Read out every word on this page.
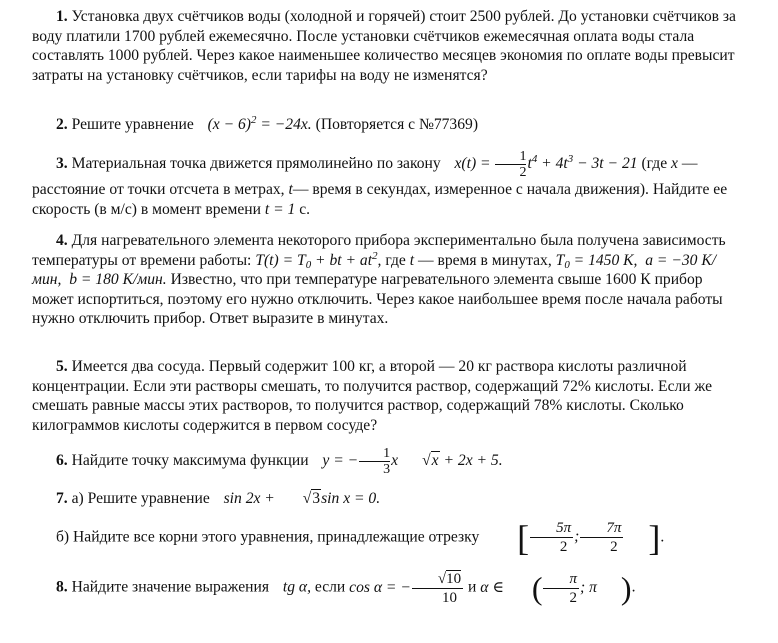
1. Установка двух счётчиков воды (холодной и горячей) стоит 2500 рублей. До установки счётчиков за воду платили 1700 рублей ежемесячно. После установки счётчиков ежемесячная оплата воды стала составлять 1000 рублей. Через какое наименьшее количество месяцев экономия по оплате воды превысит затраты на установку счётчиков, если тарифы на воду не изменятся?

2. Решите уравнение $(x - 6)^2 = -24x$. (Повторяется с №77369)

3. Материальная точка движется прямолинейно по закону $x(t) = \frac{1}{2} t^4 + 4t^3 - 3t - 21$ (где x — расстояние от точки отсчета в метрах, t— время в секундах, измеренное с начала движения). Найдите ее скорость (в м/с) в момент времени t = 1 с.

4. Для нагревательного элемента некоторого прибора экспериментально была получена зависимость температуры от времени работы: $T(t) = T_0$ + bt + $at^2$, где t — время в минутах, $T_0 = 1450$ К, a = −30 К/мин, b = 180 К/мин. Известно, что при температуре нагревательного элемента свыше 1600 К прибор может испортиться, поэтому его нужно отключить. Через какое наибольшее время после начала работы нужно отключить прибор. Ответ выразите в минутах.

5. Имеется два сосуда. Первый содержит 100 кг, а второй — 20 кг раствора кислоты различной концентрации. Если эти растворы смешать, то получится раствор, содержащий 72% кислоты. Если же смешать равные массы этих растворов, то получится раствор, содержащий 78% кислоты. Сколько килограммов кислоты содержится в первом сосуде?

6. Найдите точку максимума функции y = − $\frac{1}{3}$ x √x + 2x + 5.

7. а) Решите уравнение sin 2x + √3sin x = 0.

б) Найдите все корни этого уравнения, принадлежащие отрезку [ $\frac{5\pi}{2}$ ; $\frac{7\pi}{2}$ ].

8. Найдите значение выражения tg α, если cos α = − $\frac{√10}{10}$ и α ∈ ( $\frac{\pi}{2}$ ; π ).
